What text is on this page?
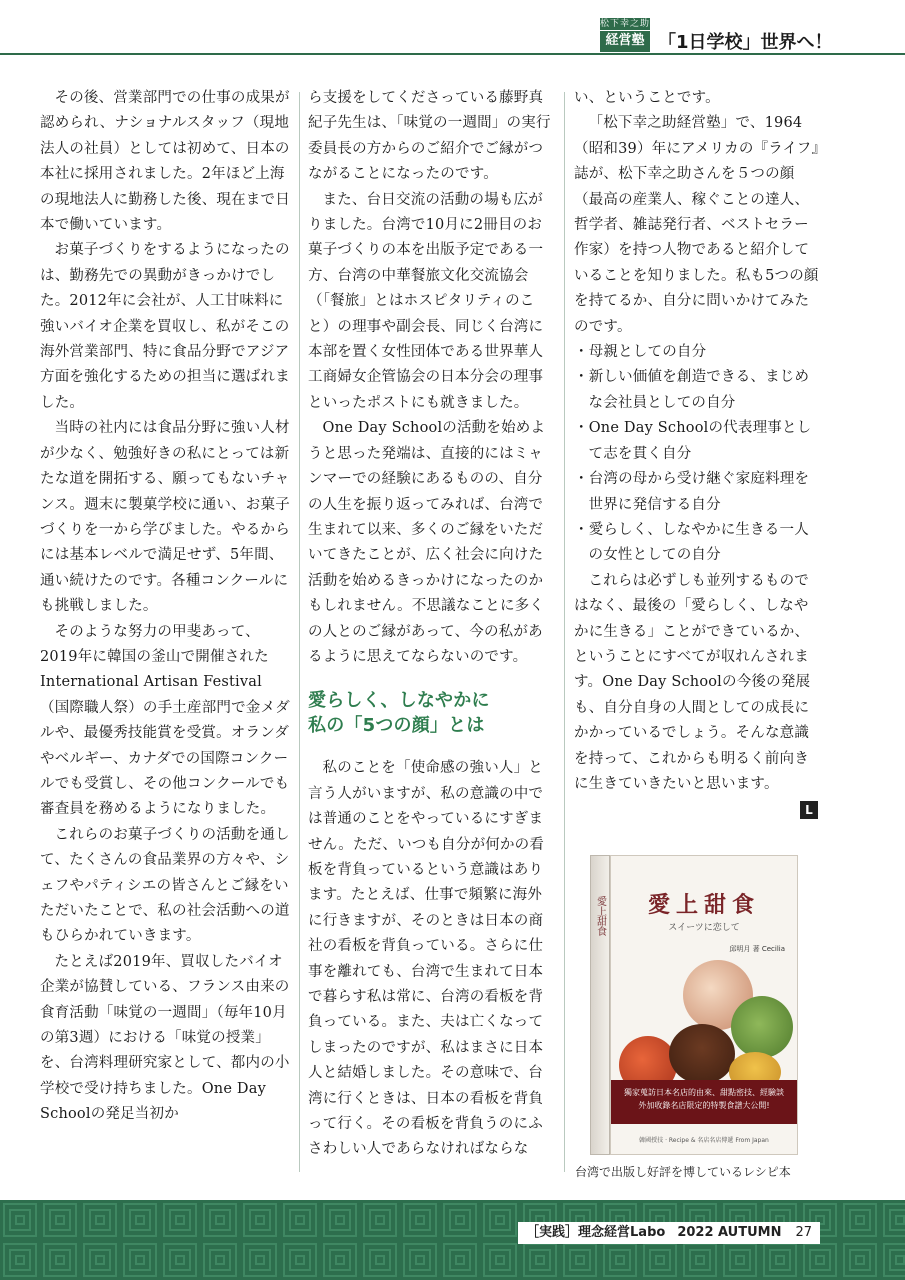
松下幸之助
経営塾 「1日学校」世界へ！

その後、営業部門での仕事の成果が認められ、ナショナルスタッフ（現地法人の社員）としては初めて、日本の本社に採用されました。2年ほど上海の現地法人に勤務した後、現在まで日本で働いています。

お菓子づくりをするようになったのは、勤務先での異動がきっかけでした。2012年に会社が、人工甘味料に強いバイオ企業を買収し、私がそこの海外営業部門、特に食品分野でアジア方面を強化するための担当に選ばれました。

当時の社内には食品分野に強い人材が少なく、勉強好きの私にとっては新たな道を開拓する、願ってもないチャンス。週末に製菓学校に通い、お菓子づくりを一から学びました。やるからには基本レベルで満足せず、5年間、通い続けたのです。各種コンクールにも挑戦しました。

そのような努力の甲斐あって、2019年に韓国の釜山で開催されたInternational Artisan Festival（国際職人祭）の手土産部門で金メダルや、最優秀技能賞を受賞。オランダやベルギー、カナダでの国際コンクールでも受賞し、その他コンクールでも審査員を務めるようになりました。

これらのお菓子づくりの活動を通して、たくさんの食品業界の方々や、シェフやパティシエの皆さんとご縁をいただいたことで、私の社会活動への道もひらかれていきます。

たとえば2019年、買収したバイオ企業が協賛している、フランス由来の食育活動「味覚の一週間」（毎年10月の第3週）における「味覚の授業」を、台湾料理研究家として、都内の小学校で受け持ちました。One Day Schoolの発足当初か

ら支援をしてくださっている藤野真紀子先生は、「味覚の一週間」の実行委員長の方からのご紹介でご縁がつながることになったのです。

また、台日交流の活動の場も広がりました。台湾で10月に2冊目のお菓子づくりの本を出版予定である一方、台湾の中華餐旅文化交流協会（「餐旅」とはホスピタリティのこと）の理事や副会長、同じく台湾に本部を置く女性団体である世界華人工商婦女企管協会の日本分会の理事といったポストにも就きました。

One Day Schoolの活動を始めようと思った発端は、直接的にはミャンマーでの経験にあるものの、自分の人生を振り返ってみれば、台湾で生まれて以来、多くのご縁をいただいてきたことが、広く社会に向けた活動を始めるきっかけになったのかもしれません。不思議なことに多くの人とのご縁があって、今の私があるように思えてならないのです。

愛らしく、しなやかに
私の「5つの顔」とは

私のことを「使命感の強い人」と言う人がいますが、私の意識の中では普通のことをやっているにすぎません。ただ、いつも自分が何かの看板を背負っているという意識はあります。たとえば、仕事で頻繁に海外に行きますが、そのときは日本の商社の看板を背負っている。さらに仕事を離れても、台湾で生まれて日本で暮らす私は常に、台湾の看板を背負っている。また、夫は亡くなってしまったのですが、私はまさに日本人と結婚しました。その意味で、台湾に行くときは、日本の看板を背負って行く。その看板を背負うのにふさわしい人であらなければならな

い、ということです。

「松下幸之助経営塾」で、1964（昭和39）年にアメリカの『ライフ』誌が、松下幸之助さんを５つの顔（最高の産業人、稼ぐことの達人、哲学者、雑誌発行者、ベストセラー作家）を持つ人物であると紹介していることを知りました。私も5つの顔を持てるか、自分に問いかけてみたのです。

・母親としての自分
・新しい価値を創造できる、まじめな会社員としての自分
・One Day Schoolの代表理事として志を貫く自分
・台湾の母から受け継ぐ家庭料理を世界に発信する自分
・愛らしく、しなやかに生きる一人の女性としての自分

これらは必ずしも並列するものではなく、最後の「愛らしく、しなやかに生きる」ことができているか、ということにすべてが収れんされます。One Day Schoolの今後の発展も、自分自身の人間としての成長にかかっているでしょう。そんな意識を持って、これからも明るく前向きに生きていきたいと思います。

L
愛上甜食	愛上甜食
スイーツに恋して
邱明月 著 Cecilia
獨家蒐訪日本名店的由來、甜點密技、經驗談
外加收錄名店限定的特製食譜大公開!
韓國授技 · Recipe & 名店名店傳遞 From Japan
台湾で出版し好評を博しているレシピ本
［実践］理念経営Labo 2022 AUTUMN 27
